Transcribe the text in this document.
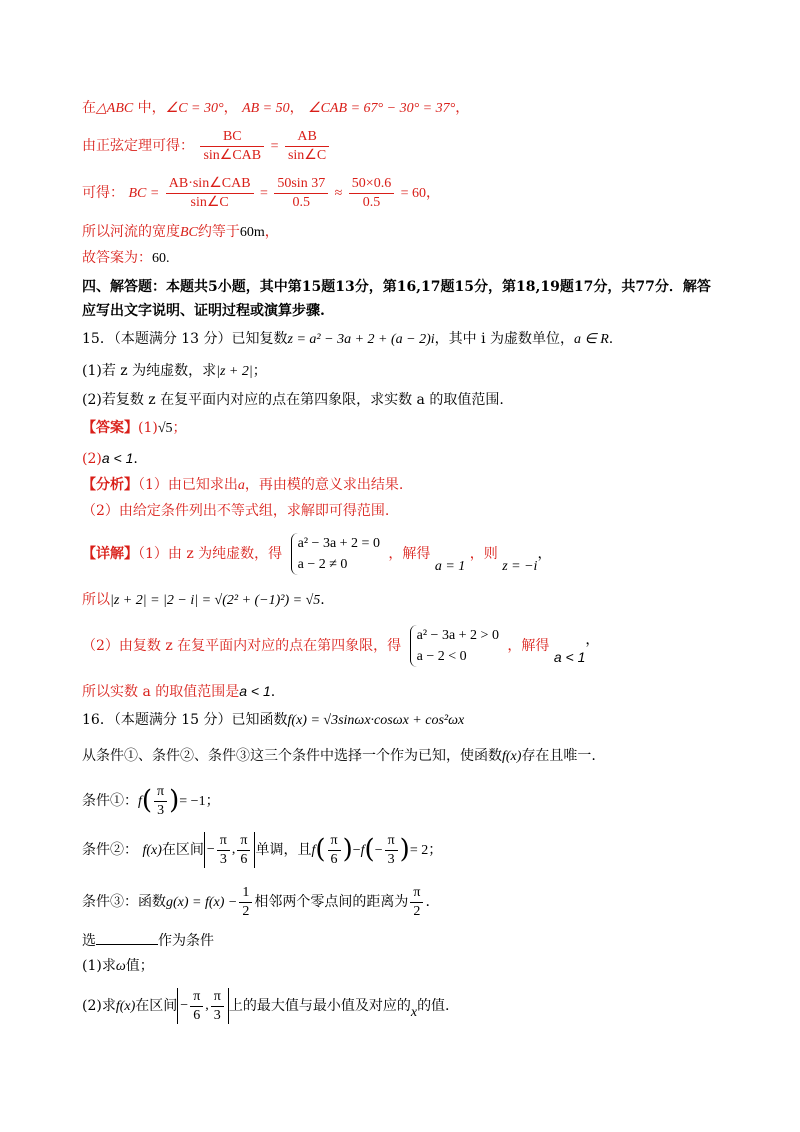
在△ABC 中，∠C = 30°， AB = 50， ∠CAB = 67° − 30° = 37°，
由正弦定理可得： $\frac{BC}{\text{sin∠CAB}} = \frac{AB}{\sin\angle C}$
可得： BC = $\frac{\text{AB·sin∠CAB}}{\sin\angle C} = \frac{50\sin 37}{0.5} \approx \frac{50\times 0.6}{0.5} = 60$，
所以河流的宽度BC约等于60m，
故答案为：60.
四、解答题：本题共5小题，其中第15题13分，第16,17题15分，第18,19题17分，共77分．解答
应写出文字说明、证明过程或演算步骤.
15．（本题满分 13 分）已知复数z = a² − 3a + 2 + (a − 2)i，其中 i 为虚数单位，a ∈ R.
(1)若 z 为纯虚数，求|z + 2|；
(2)若复数 z 在复平面内对应的点在第四象限，求实数 a 的取值范围.
【答案】(1)√5；
(2)a < 1.
【分析】（1）由已知求出a，再由模的意义求出结果.
（2）由给定条件列出不等式组，求解即可得范围.
【详解】（1）由 z 为纯虚数，得
a² − 3a + 2 = 0
a − 2 ≠ 0
，解得 a = 1 ，则 z = −i，
所以|z + 2| = |2 − i| = √(2² + (−1)²) = √5.
（2）由复数 z 在复平面内对应的点在第四象限，得
a² − 3a + 2 > 0
a − 2 < 0
，解得 a < 1，
所以实数 a 的取值范围是a < 1.
16．（本题满分 15 分）已知函数f(x) = √3sinωx·cosωx + cos²ωx
从条件①、条件②、条件③这三个条件中选择一个作为已知，使函数f(x)存在且唯一.
条件①：$f( \frac{\pi}{3}$ )= −1；
条件②： f(x)在区间 − $\frac{\pi}{3}$ , $\frac{\pi}{6}$ 单调，且$f( \frac{\pi}{6} )-f(- \frac{\pi}{3}$ )= 2；
条件③：函数$g(x) = f(x) - \frac{1}{2}$ 相邻两个零点间的距离为 $\frac{\pi}{2}$ .
选	作为条件
(1)求ω值；
(2)求f(x)在区间 − $\frac{\pi}{6}$ , $\frac{\pi}{3}$ 上的最大值与最小值及对应的x的值.
